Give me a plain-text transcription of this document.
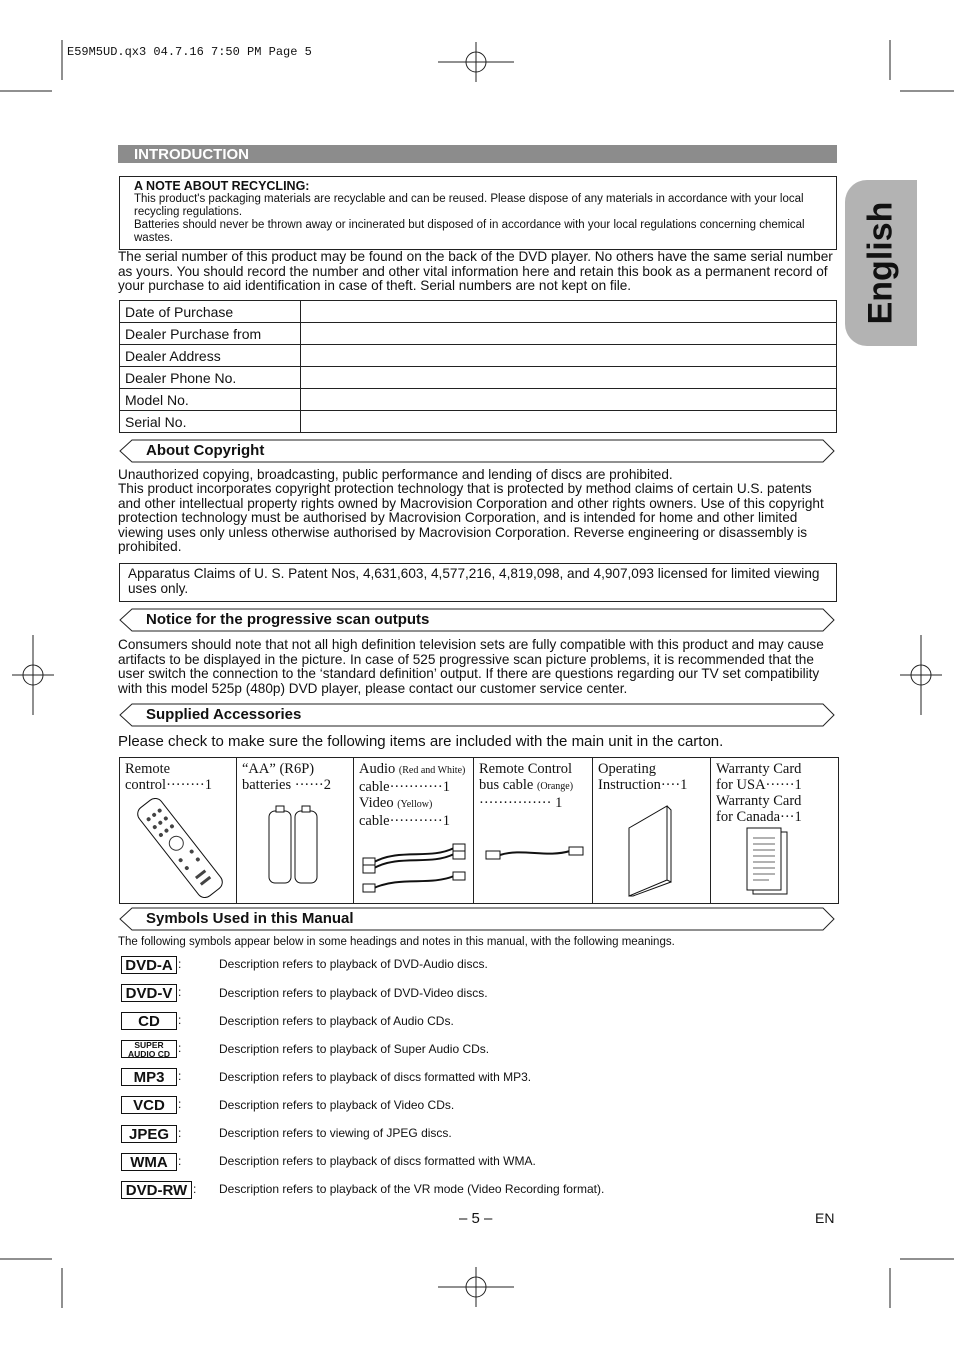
E59M5UD.qx3 04.7.16 7:50 PM Page 5
English
INTRODUCTION
A NOTE ABOUT RECYCLING:
This product's packaging materials are recyclable and can be reused. Please dispose of any materials in accordance with your local recycling regulations.
Batteries should never be thrown away or incinerated but disposed of in accordance with your local regulations concerning chemical wastes.
The serial number of this product may be found on the back of the DVD player. No others have the same serial number as yours. You should record the number and other vital information here and retain this book as a permanent record of your purchase to aid identification in case of theft. Serial numbers are not kept on file.
Date of Purchase	
Dealer Purchase from	
Dealer Address	
Dealer Phone No.	
Model No.	
Serial No.	
About Copyright
Unauthorized copying, broadcasting, public performance and lending of discs are prohibited.
This product incorporates copyright protection technology that is protected by method claims of certain U.S. patents and other intellectual property rights owned by Macrovision Corporation and other rights owners. Use of this copyright protection technology must be authorised by Macrovision Corporation, and is intended for home and other limited viewing uses only unless otherwise authorised by Macrovision Corporation. Reverse engineering or disassembly is prohibited.
Apparatus Claims of U. S. Patent Nos, 4,631,603, 4,577,216, 4,819,098, and 4,907,093 licensed for limited viewing uses only.
Notice for the progressive scan outputs
Consumers should note that not all high definition television sets are fully compatible with this product and may cause artifacts to be displayed in the picture. In case of 525 progressive scan picture problems, it is recommended that the user switch the connection to the ‘standard definition’ output. If there are questions regarding our TV set compatibility with this model 525p (480p) DVD player, please contact our customer service center.
Supplied Accessories
Please check to make sure the following items are included with the main unit in the carton.
Remote
control········1
“AA” (R6P)
batteries ······2
Audio (Red and White)
cable···········1
Video (Yellow)
cable···········1
Remote Control
bus cable (Orange)
··············· 1
Operating
Instruction····1
Warranty Card
for USA······1
Warranty Card
for Canada···1
Symbols Used in this Manual
The following symbols appear below in some headings and notes in this manual, with the following meanings.
DVD-A :	Description refers to playback of DVD-Audio discs.
DVD-V :	Description refers to playback of DVD-Video discs.
CD	:	Description refers to playback of Audio CDs.
SUPER
AUDIO CD :	Description refers to playback of Super Audio CDs.
MP3	:	Description refers to playback of discs formatted with MP3.
VCD	:	Description refers to playback of Video CDs.
JPEG :	Description refers to viewing of JPEG discs.
WMA :	Description refers to playback of discs formatted with WMA.
DVD-RW : Description refers to playback of the VR mode (Video Recording format).
– 5 –	EN
